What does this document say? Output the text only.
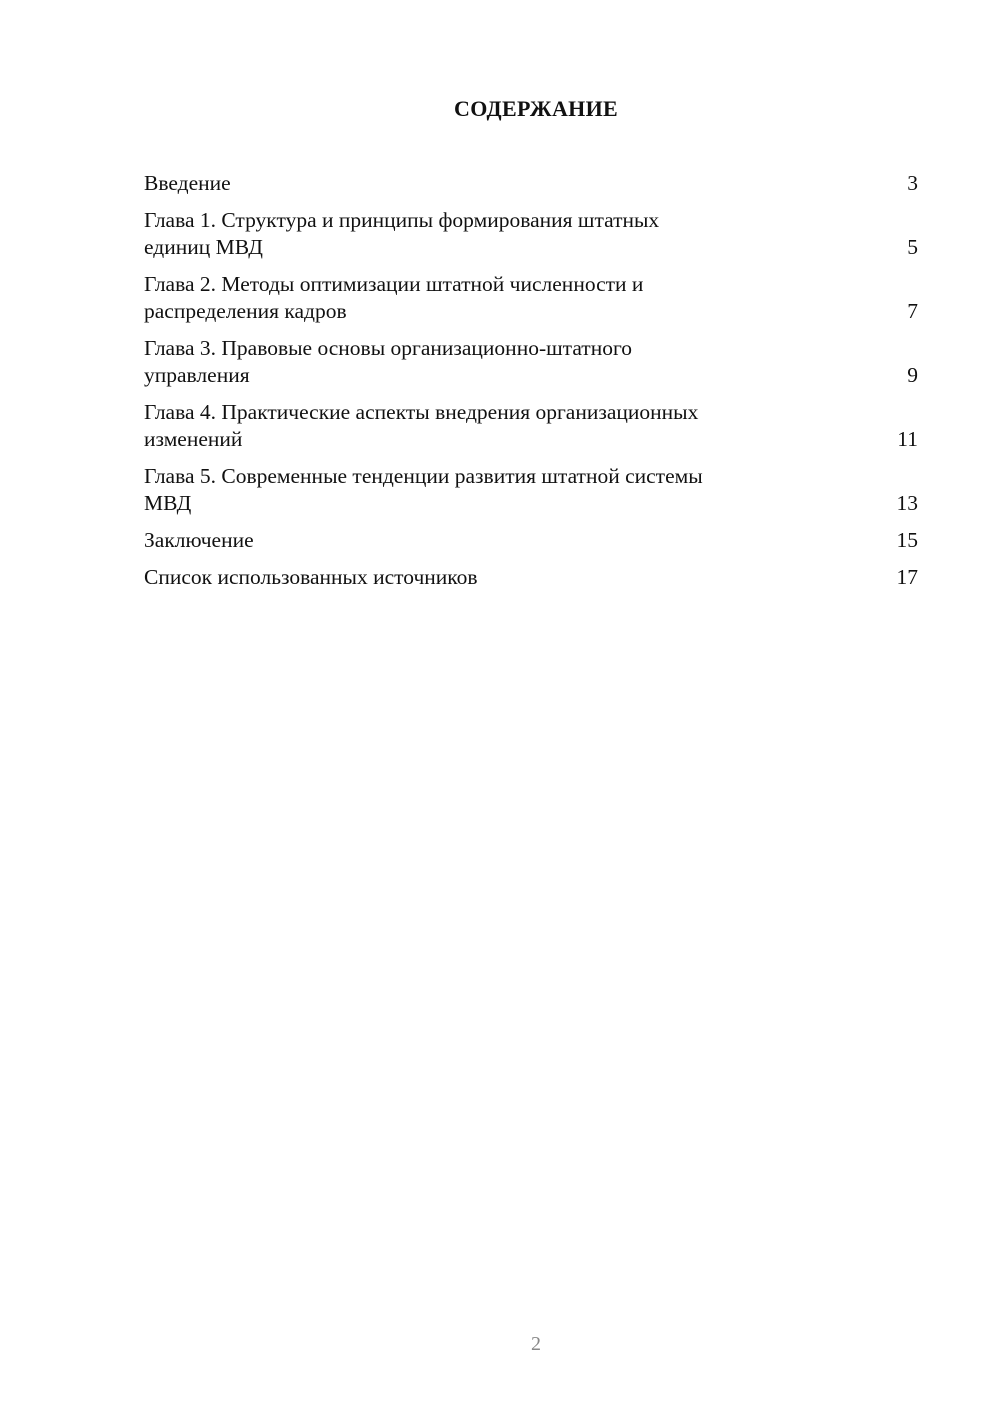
СОДЕРЖАНИЕ
Введение	3
Глава 1. Структура и принципы формирования штатных
единиц МВД	5
Глава 2. Методы оптимизации штатной численности и
распределения кадров	7
Глава 3. Правовые основы организационно-штатного
управления	9
Глава 4. Практические аспекты внедрения организационных
изменений	11
Глава 5. Современные тенденции развития штатной системы
МВД	13
Заключение	15
Список использованных источников	17
2
